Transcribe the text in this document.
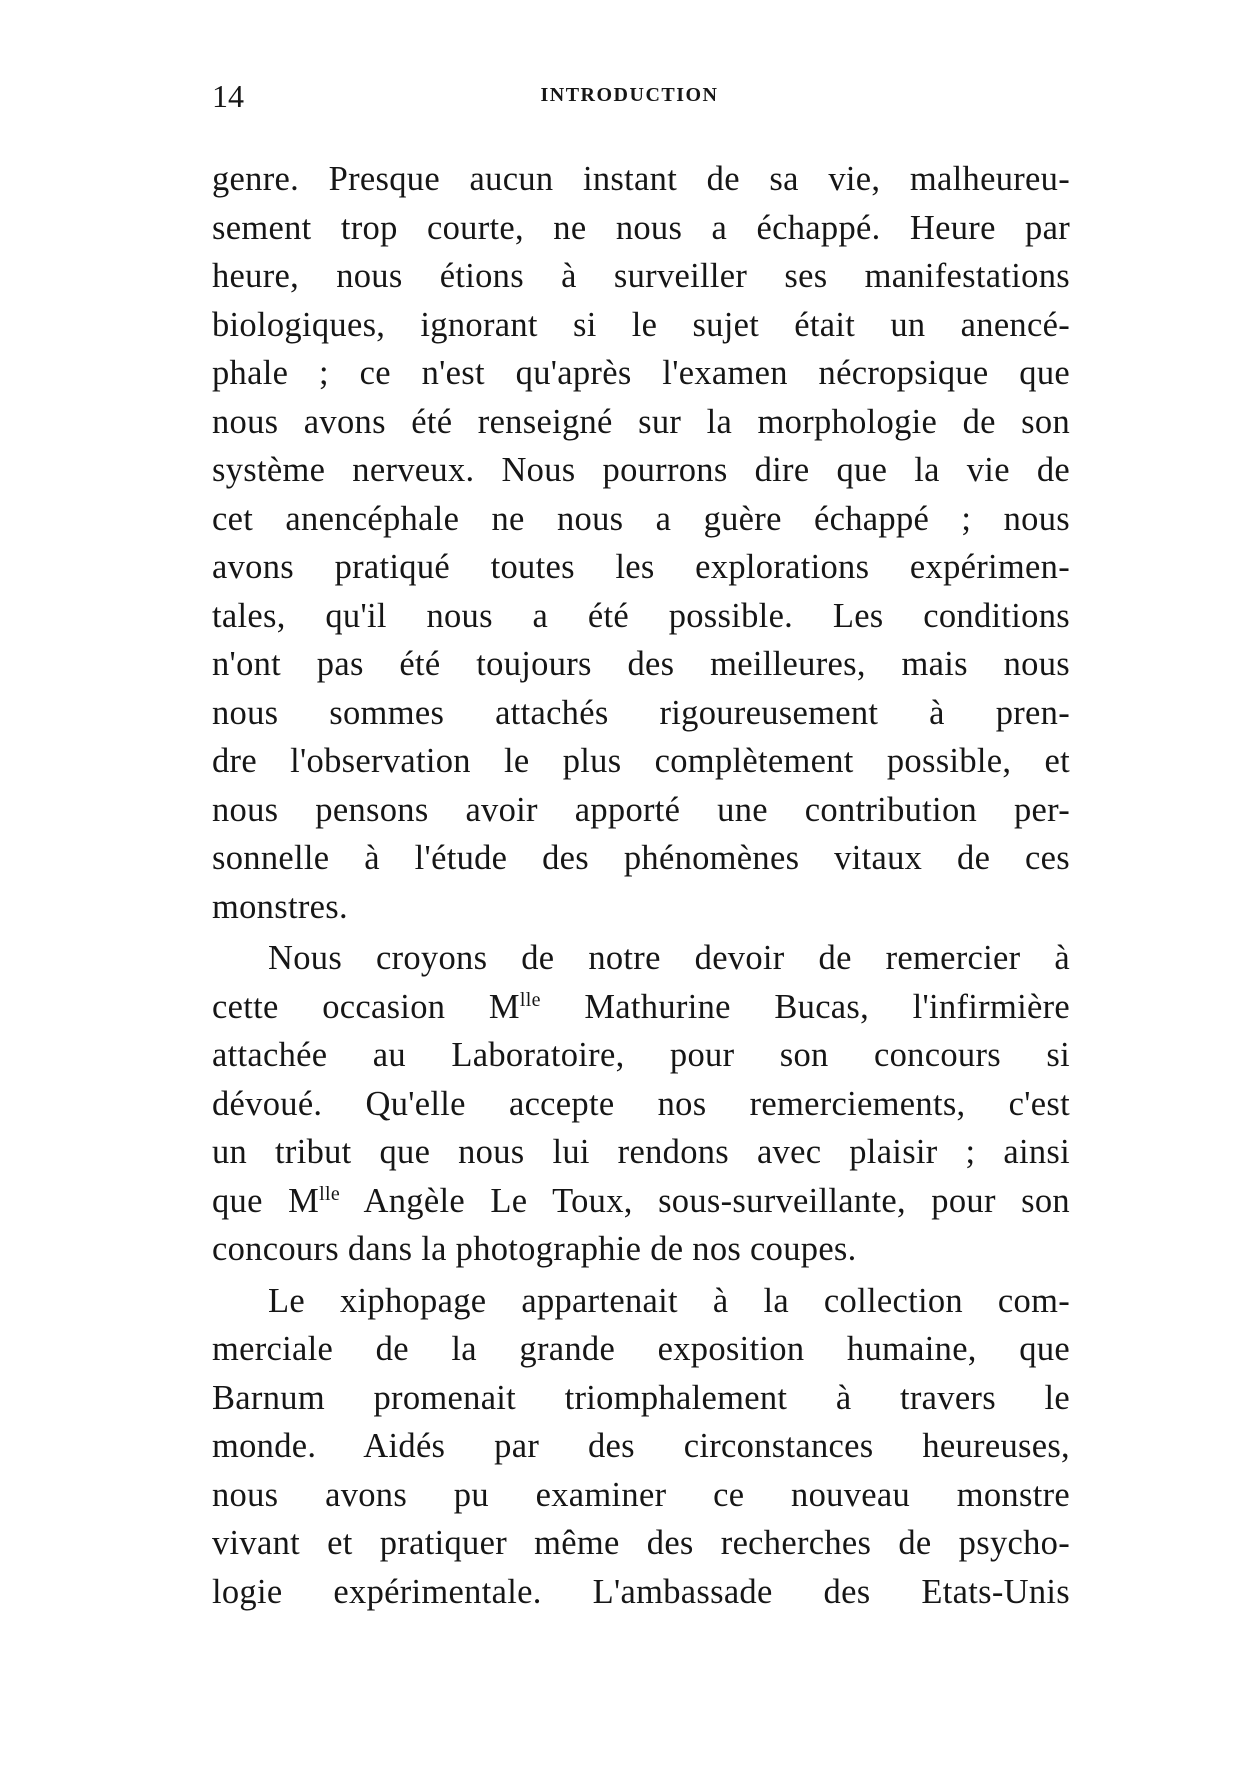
14	INTRODUCTION
genre. Presque aucun instant de sa vie, malheureu-
sement trop courte, ne nous a échappé. Heure par
heure, nous étions à surveiller ses manifestations
biologiques, ignorant si le sujet était un anencé-
phale ; ce n'est qu'après l'examen nécropsique que
nous avons été renseigné sur la morphologie de son
système nerveux. Nous pourrons dire que la vie de
cet anencéphale ne nous a guère échappé ; nous
avons pratiqué toutes les explorations expérimen-
tales, qu'il nous a été possible. Les conditions
n'ont pas été toujours des meilleures, mais nous
nous sommes attachés rigoureusement à pren-
dre l'observation le plus complètement possible, et
nous pensons avoir apporté une contribution per-
sonnelle à l'étude des phénomènes vitaux de ces
monstres.
Nous croyons de notre devoir de remercier à
cette occasion $M^{lle}$ Mathurine Bucas, l'infirmière
attachée au Laboratoire, pour son concours si
dévoué. Qu'elle accepte nos remerciements, c'est
un tribut que nous lui rendons avec plaisir ; ainsi
que $M^{lle}$ Angèle Le Toux, sous-surveillante, pour son
concours dans la photographie de nos coupes.
Le xiphopage appartenait à la collection com-
merciale de la grande exposition humaine, que
Barnum promenait triomphalement à travers le
monde. Aidés par des circonstances heureuses,
nous avons pu examiner ce nouveau monstre
vivant et pratiquer même des recherches de psycho-
logie expérimentale. L'ambassade des Etats-Unis
